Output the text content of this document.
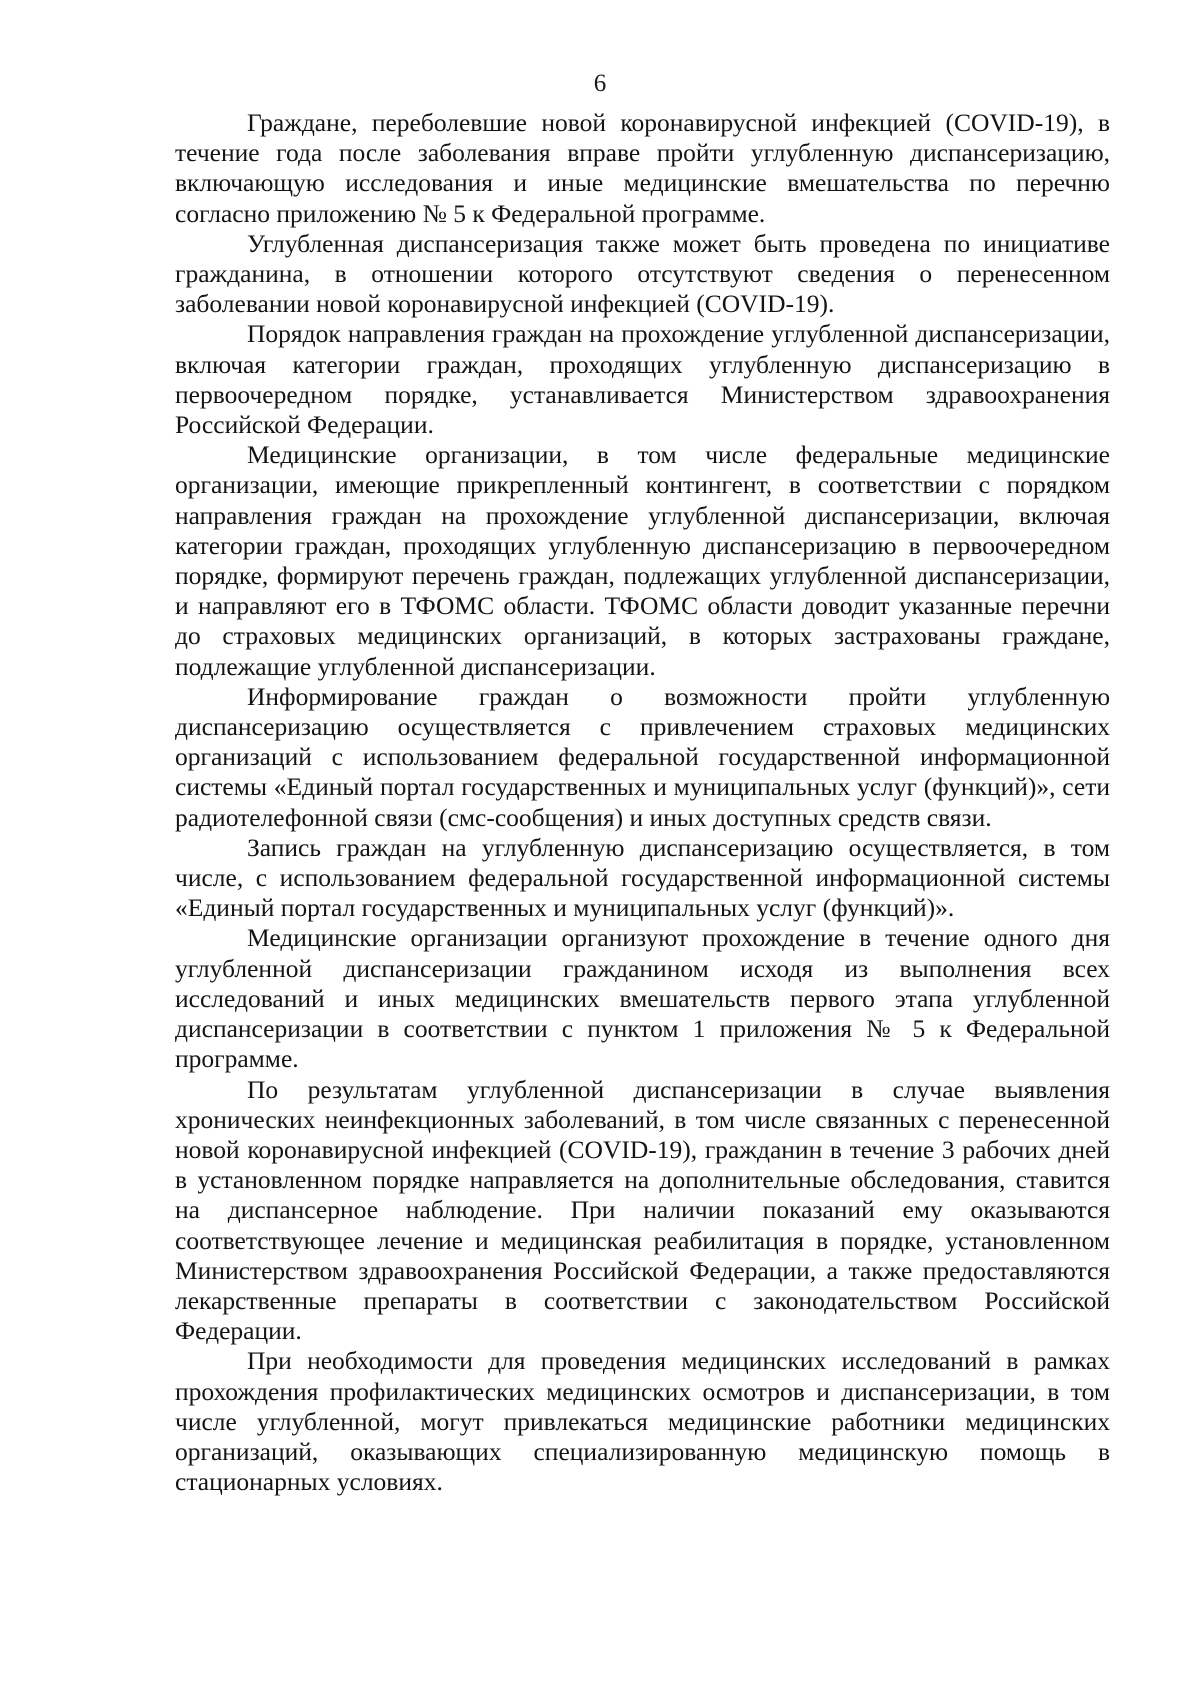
6

Граждане, переболевшие новой коронавирусной инфекцией (COVID-19), в течение года после заболевания вправе пройти углубленную диспансеризацию, включающую исследования и иные медицинские вмешательства по перечню согласно приложению № 5 к Федеральной программе.

Углубленная диспансеризация также может быть проведена по инициативе гражданина, в отношении которого отсутствуют сведения о перенесенном заболевании новой коронавирусной инфекцией (COVID-19).

Порядок направления граждан на прохождение углубленной диспансеризации, включая категории граждан, проходящих углубленную диспансеризацию в первоочередном порядке, устанавливается Министерством здравоохранения Российской Федерации.

Медицинские организации, в том числе федеральные медицинские организации, имеющие прикрепленный контингент, в соответствии с порядком направления граждан на прохождение углубленной диспансеризации, включая категории граждан, проходящих углубленную диспансеризацию в первоочередном порядке, формируют перечень граждан, подлежащих углубленной диспансеризации, и направляют его в ТФОМС области. ТФОМС области доводит указанные перечни до страховых медицинских организаций, в которых застрахованы граждане, подлежащие углубленной диспансеризации.

Информирование граждан о возможности пройти углубленную диспансеризацию осуществляется с привлечением страховых медицинских организаций с использованием федеральной государственной информационной системы «Единый портал государственных и муниципальных услуг (функций)», сети радиотелефонной связи (смс-сообщения) и иных доступных средств связи.

Запись граждан на углубленную диспансеризацию осуществляется, в том числе, с использованием федеральной государственной информационной системы «Единый портал государственных и муниципальных услуг (функций)».

Медицинские организации организуют прохождение в течение одного дня углубленной диспансеризации гражданином исходя из выполнения всех исследований и иных медицинских вмешательств первого этапа углубленной диспансеризации в соответствии с пунктом 1 приложения № 5 к Федеральной программе.

По результатам углубленной диспансеризации в случае выявления хронических неинфекционных заболеваний, в том числе связанных с перенесенной новой коронавирусной инфекцией (COVID-19), гражданин в течение 3 рабочих дней в установленном порядке направляется на дополнительные обследования, ставится на диспансерное наблюдение. При наличии показаний ему оказываются соответствующее лечение и медицинская реабилитация в порядке, установленном Министерством здравоохранения Российской Федерации, а также предоставляются лекарственные препараты в соответствии с законодательством Российской Федерации.

При необходимости для проведения медицинских исследований в рамках прохождения профилактических медицинских осмотров и диспансеризации, в том числе углубленной, могут привлекаться медицинские работники медицинских организаций, оказывающих специализированную медицинскую помощь в стационарных условиях.
